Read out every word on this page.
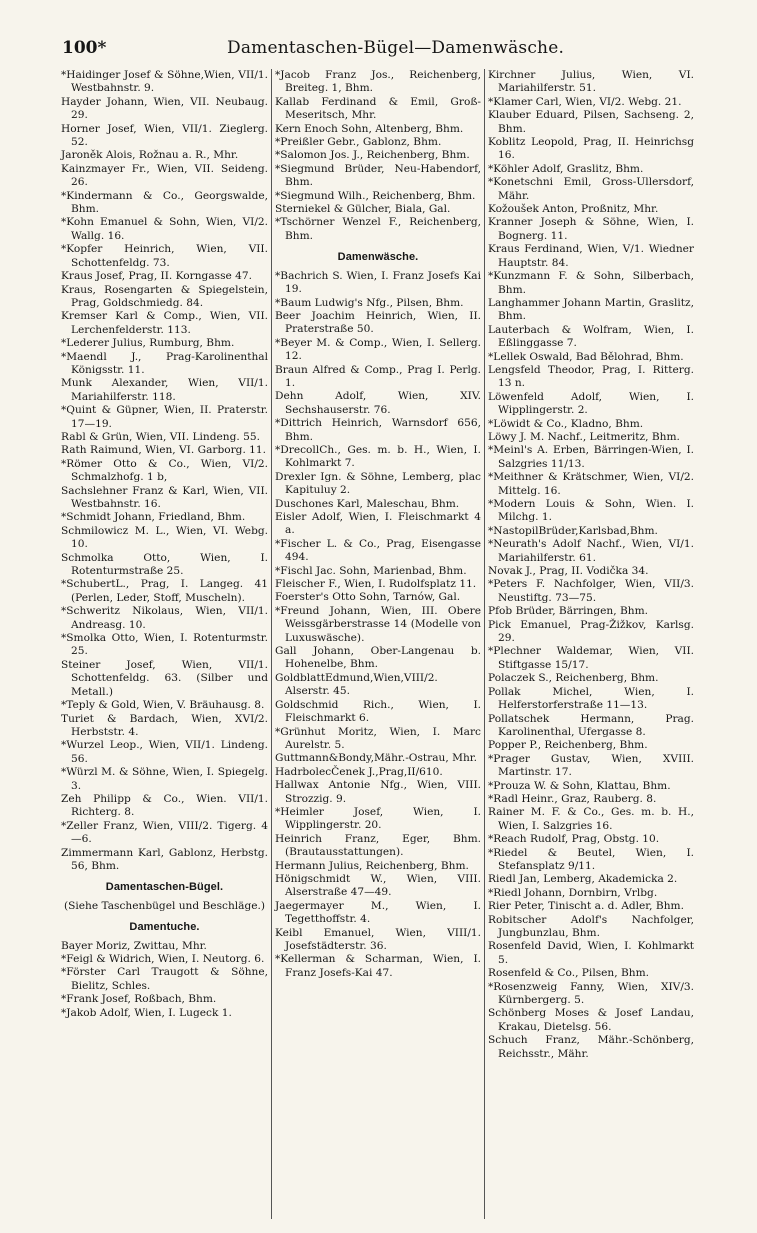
100*	Damentaschen-Bügel—Damenwäsche.
*Haidinger Josef & Söhne,Wien, VII/1. Westbahnstr. 9.
Hayder Johann, Wien, VII. Neubaug. 29.
Horner Josef, Wien, VII/1. Zieglerg. 52.
Jaroněk Alois, Rožnau a. R., Mhr.
Kainzmayer Fr., Wien, VII. Seideng. 26.
*Kindermann & Co., Georgswalde, Bhm.
*Kohn Emanuel & Sohn, Wien, VI/2. Wallg. 16.
*Kopfer Heinrich, Wien, VII. Schottenfeldg. 73.
Kraus Josef, Prag, II. Korngasse 47.
Kraus, Rosengarten & Spiegelstein, Prag, Goldschmiedg. 84.
Kremser Karl & Comp., Wien, VII. Lerchenfelderstr. 113.
*Lederer Julius, Rumburg, Bhm.
*Maendl J., Prag-Karolinenthal Königsstr. 11.
Munk Alexander, Wien, VII/1. Mariahilferstr. 118.
*Quint & Güpner, Wien, II. Praterstr. 17—19.
Rabl & Grün, Wien, VII. Lindeng. 55.
Rath Raimund, Wien, VI. Garborg. 11.
*Römer Otto & Co., Wien, VI/2. Schmalzhofg. 1 b,
Sachslehner Franz & Karl, Wien, VII. Westbahnstr. 16.
*Schmidt Johann, Friedland, Bhm.
Schmilowicz M. L., Wien, VI. Webg. 10.
Schmolka Otto, Wien, I. Rotenturmstraße 25.
*SchubertL., Prag, I. Langeg. 41 (Perlen, Leder, Stoff, Muscheln).
*Schweritz Nikolaus, Wien, VII/1. Andreasg. 10.
*Smolka Otto, Wien, I. Rotenturmstr. 25.
Steiner Josef, Wien, VII/1. Schottenfeldg. 63. (Silber und Metall.)
*Teply & Gold, Wien, V. Bräuhausg. 8.
Turiet & Bardach, Wien, XVI/2. Herbststr. 4.
*Wurzel Leop., Wien, VII/1. Lindeng. 56.
*Würzl M. & Söhne, Wien, I. Spiegelg. 3.
Zeh Philipp & Co., Wien. VII/1. Richterg. 8.
*Zeller Franz, Wien, VIII/2. Tigerg. 4—6.
Zimmermann Karl, Gablonz, Herbstg. 56, Bhm.
Damentaschen-Bügel.
(Siehe Taschenbügel und Beschläge.)
Damentuche.
Bayer Moriz, Zwittau, Mhr.
*Feigl & Widrich, Wien, I. Neutorg. 6.
*Förster Carl Traugott & Söhne, Bielitz, Schles.
*Frank Josef, Roßbach, Bhm.
*Jakob Adolf, Wien, I. Lugeck 1.
*Jacob Franz Jos., Reichenberg, Breiteg. 1, Bhm.
Kallab Ferdinand & Emil, Groß-Meseritsch, Mhr.
Kern Enoch Sohn, Altenberg, Bhm.
*Preißler Gebr., Gablonz, Bhm.
*Salomon Jos. J., Reichenberg, Bhm.
*Siegmund Brüder, Neu-Habendorf, Bhm.
*Siegmund Wilh., Reichenberg, Bhm.
Sterniekel & Gülcher, Biala, Gal.
*Tschörner Wenzel F., Reichenberg, Bhm.
Damenwäsche.
*Bachrich S. Wien, I. Franz Josefs Kai 19.
*Baum Ludwig's Nfg., Pilsen, Bhm.
Beer Joachim Heinrich, Wien, II. Praterstraße 50.
*Beyer M. & Comp., Wien, I. Sellerg. 12.
Braun Alfred & Comp., Prag I. Perlg. 1.
Dehn Adolf, Wien, XIV. Sechshauserstr. 76.
*Dittrich Heinrich, Warnsdorf 656, Bhm.
*DrecollCh., Ges. m. b. H., Wien, I. Kohlmarkt 7.
Drexler Ign. & Söhne, Lemberg, plac Kapituluy 2.
Duschones Karl, Maleschau, Bhm.
Eisler Adolf, Wien, I. Fleischmarkt 4 a.
*Fischer L. & Co., Prag, Eisengasse 494.
*Fischl Jac. Sohn, Marienbad, Bhm.
Fleischer F., Wien, I. Rudolfsplatz 11.
Foerster's Otto Sohn, Tarnów, Gal.
*Freund Johann, Wien, III. Obere Weissgärberstrasse 14 (Modelle von Luxuswäsche).
Gall Johann, Ober-Langenau b. Hohenelbe, Bhm.
GoldblattEdmund,Wien,VIII/2. Alserstr. 45.
Goldschmid Rich., Wien, I. Fleischmarkt 6.
*Grünhut Moritz, Wien, I. Marc Aurelstr. 5.
Guttmann&Bondy,Mähr.-Ostrau, Mhr.
HadrbolecČenek J.,Prag,II/610.
Hallwax Antonie Nfg., Wien, VIII. Strozzig. 9.
*Heimler Josef, Wien, I. Wipplingerstr. 20.
Heinrich Franz, Eger, Bhm. (Brautausstattungen).
Hermann Julius, Reichenberg, Bhm.
Hönigschmidt W., Wien, VIII. Alserstraße 47—49.
Jaegermayer M., Wien, I. Tegetthoffstr. 4.
Keibl Emanuel, Wien, VIII/1. Josefstädterstr. 36.
*Kellerman & Scharman, Wien, I. Franz Josefs-Kai 47.
Kirchner Julius, Wien, VI. Mariahilferstr. 51.
*Klamer Carl, Wien, VI/2. Webg. 21.
Klauber Eduard, Pilsen, Sachseng. 2, Bhm.
Koblitz Leopold, Prag, II. Heinrichsg 16.
*Köhler Adolf, Graslitz, Bhm.
*Konetschni Emil, Gross-Ullersdorf, Mähr.
Kožoušek Anton, Proßnitz, Mhr.
Kranner Joseph & Söhne, Wien, I. Bognerg. 11.
Kraus Ferdinand, Wien, V/1. Wiedner Hauptstr. 84.
*Kunzmann F. & Sohn, Silberbach, Bhm.
Langhammer Johann Martin, Graslitz, Bhm.
Lauterbach & Wolfram, Wien, I. Eßlinggasse 7.
*Lellek Oswald, Bad Bělohrad, Bhm.
Lengsfeld Theodor, Prag, I. Ritterg. 13 n.
Löwenfeld Adolf, Wien, I. Wipplingerstr. 2.
*Löwidt & Co., Kladno, Bhm.
Löwy J. M. Nachf., Leitmeritz, Bhm.
*Meinl's A. Erben, Bärringen-Wien, I. Salzgries 11/13.
*Meithner & Krätschmer, Wien, VI/2. Mittelg. 16.
*Modern Louis & Sohn, Wien. I. Milchg. 1.
*NastopilBrüder,Karlsbad,Bhm.
*Neurath's Adolf Nachf., Wien, VI/1. Mariahilferstr. 61.
Novak J., Prag, II. Vodička 34.
*Peters F. Nachfolger, Wien, VII/3. Neustiftg. 73—75.
Pfob Brüder, Bärringen, Bhm.
Pick Emanuel, Prag-Žižkov, Karlsg. 29.
*Plechner Waldemar, Wien, VII. Stiftgasse 15/17.
Polaczek S., Reichenberg, Bhm.
Pollak Michel, Wien, I. Helferstorferstraße 11—13.
Pollatschek Hermann, Prag. Karolinenthal, Ufergasse 8.
Popper P., Reichenberg, Bhm.
*Prager Gustav, Wien, XVIII. Martinstr. 17.
*Prouza W. & Sohn, Klattau, Bhm.
*Radl Heinr., Graz, Rauberg. 8.
Rainer M. F. & Co., Ges. m. b. H., Wien, I. Salzgries 16.
*Reach Rudolf, Prag, Obstg. 10.
*Riedel & Beutel, Wien, I. Stefansplatz 9/11.
Riedl Jan, Lemberg, Akademicka 2.
*Riedl Johann, Dornbirn, Vrlbg.
Rier Peter, Tinischt a. d. Adler, Bhm.
Robitscher Adolf's Nachfolger, Jungbunzlau, Bhm.
Rosenfeld David, Wien, I. Kohlmarkt 5.
Rosenfeld & Co., Pilsen, Bhm.
*Rosenzweig Fanny, Wien, XIV/3. Kürnbergerg. 5.
Schönberg Moses & Josef Landau, Krakau, Dietelsg. 56.
Schuch Franz, Mähr.-Schönberg, Reichsstr., Mähr.
